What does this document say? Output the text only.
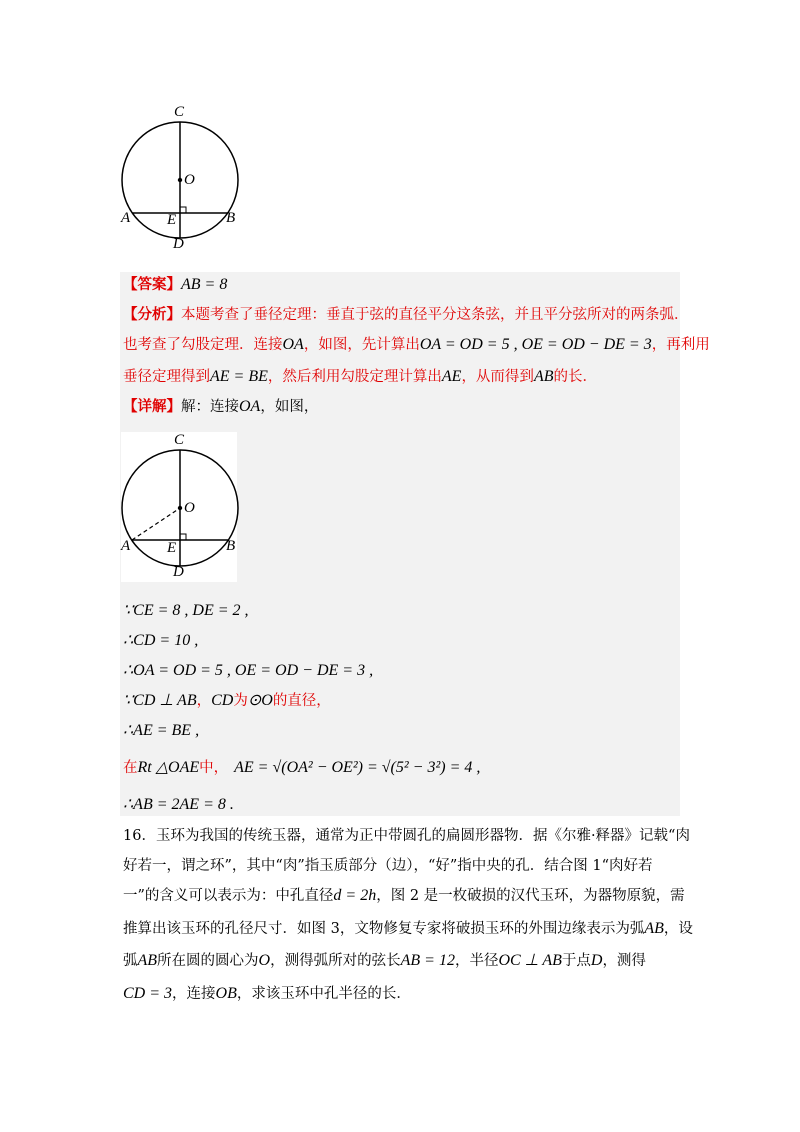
C
O
A E	B
D
【答案】AB = 8
【分析】本题考查了垂径定理：垂直于弦的直径平分这条弦，并且平分弦所对的两条弧．
也考查了勾股定理．连接OA，如图，先计算出OA = OD = 5 , OE = OD − DE = 3，再利用
垂径定理得到AE = BE，然后利用勾股定理计算出AE，从而得到AB的长．
【详解】解：连接OA，如图，
C
O
A E	B
D
∵CE = 8 , DE = 2 ,
∴CD = 10 ,
∴OA = OD = 5 , OE = OD − DE = 3 ,
∵CD ⊥ AB，CD为⊙O的直径，
∴AE = BE ,
在Rt △OAE中， AE = √(OA² − OE²) = √(5² − 3²) = 4 ,
∴AB = 2AE = 8 .
16．玉环为我国的传统玉器，通常为正中带圆孔的扁圆形器物．据《尔雅·释器》记载“肉
好若一，谓之环”，其中“肉”指玉质部分（边），“好”指中央的孔．结合图 1“肉好若
一”的含义可以表示为：中孔直径d = 2h，图 2 是一枚破损的汉代玉环，为器物原貌，需
推算出该玉环的孔径尺寸．如图 3，文物修复专家将破损玉环的外围边缘表示为弧AB，设
弧AB所在圆的圆心为O，测得弧所对的弦长AB = 12，半径OC ⊥ AB于点D，测得
CD = 3，连接OB，求该玉环中孔半径的长．
